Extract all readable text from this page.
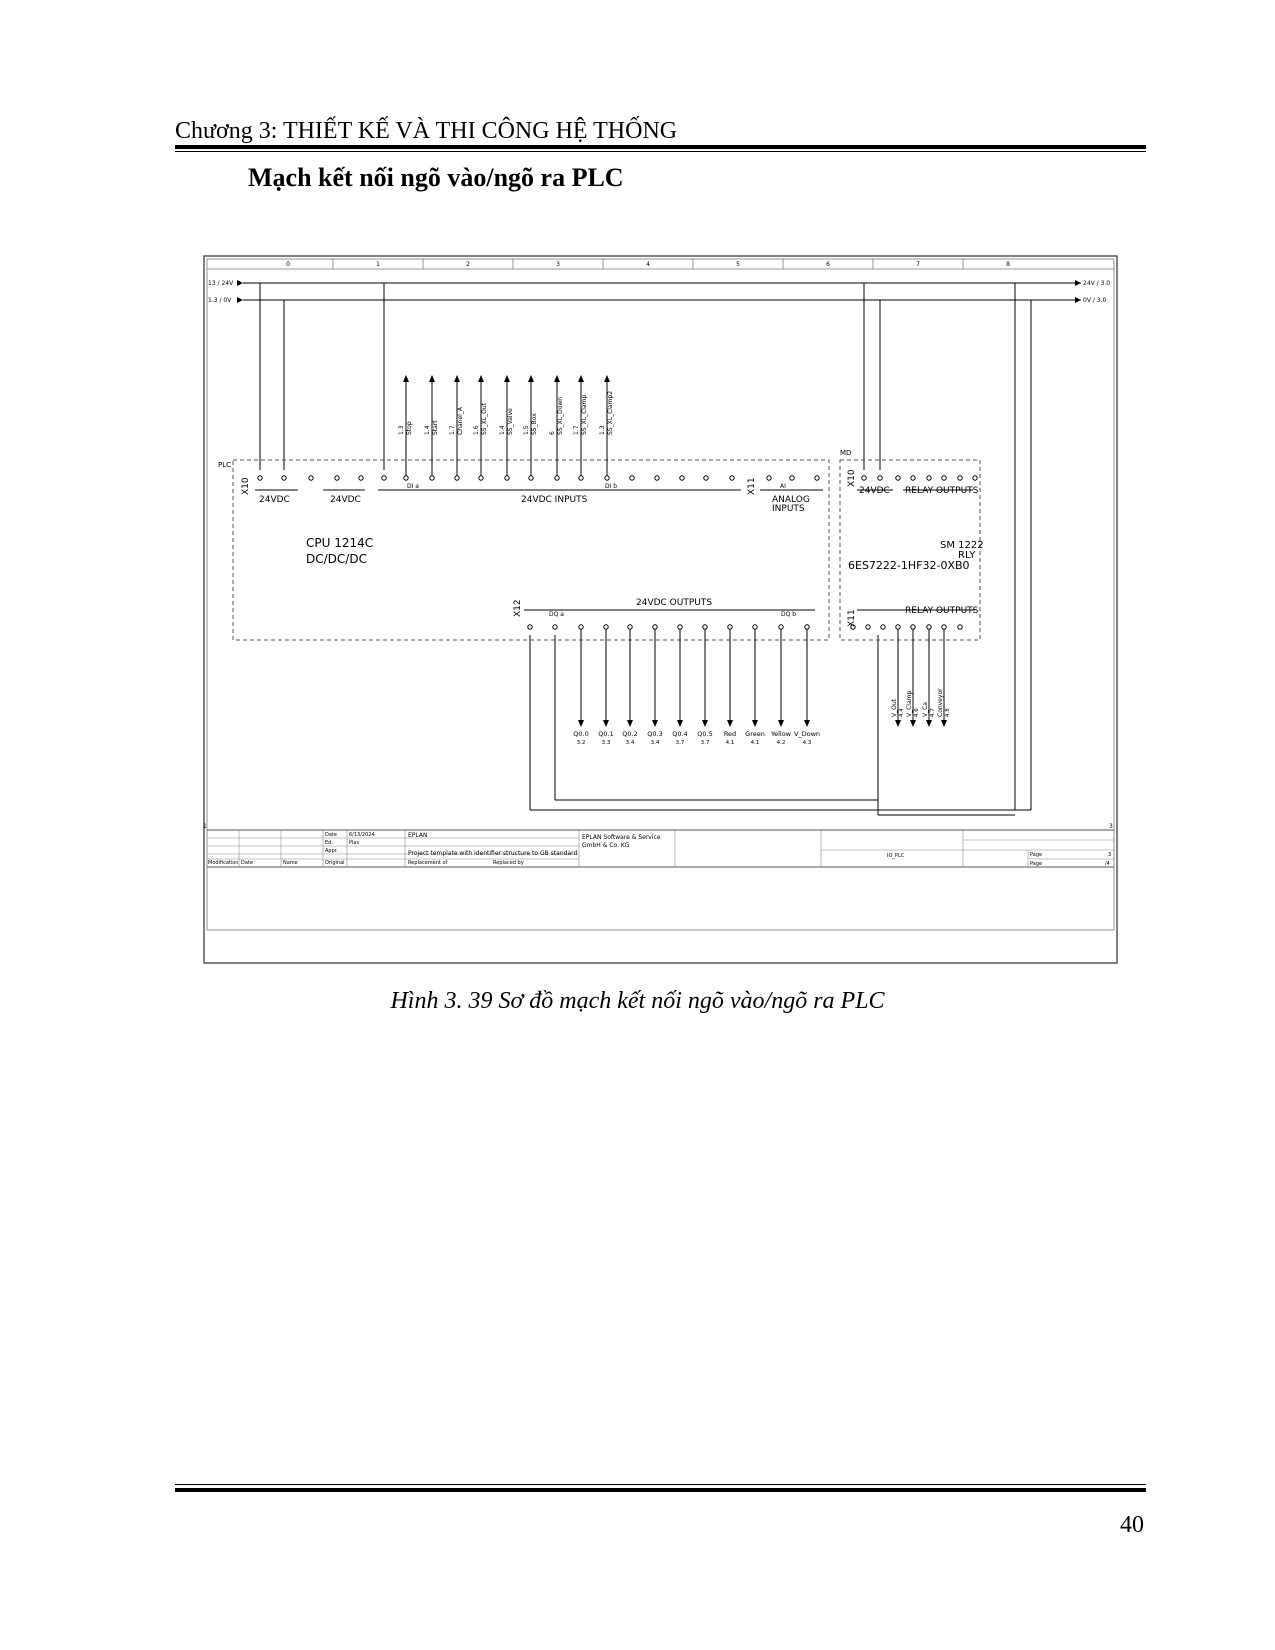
Chương 3: THIẾT KẾ VÀ THI CÔNG HỆ THỐNG
Mạch kết nối ngõ vào/ngõ ra PLC
0	1	2	3	4	5	6	7	8
13 / 24V
1.3 / 0V
24V / 3.0
0V / 3.0
PLC
MD
1.3 Stop 1.4 Start 1.7 Chanel_A 1.6 SS_XL_Out 1.4 SS_Valve 1.5 SS_Box 6 SS_XL_Down 1.7 SS_XL_Clamp 1.3 SS_XL_Clamp2
X10
24VDC	24VDC
DI a	DI b
24VDC INPUTS
X11	AI
ANALOG
INPUTS
CPU 1214C
DC/DC/DC
X10
24VDC RELAY OUTPUTS
SM 1222
RLY
6ES7222-1HF32-0XB0
X11	RELAY OUTPUTS
X12	24VDC OUTPUTS
DQ a	DQ b
Q0.0
3.2
Q0.1
3.3
Q0.2
3.4
Q0.3
3.4
Q0.4
3.7
Q0.5
3.7
Red
4.1
Green
4.1
Yellow
4.2
V_Down
4.3
V_Out 4.4 V_Clamp 4.6 V_Ca 4.7 Conveyor 4.8
1	3
Date 6/13/2024
Ed.	Plas
Appr.
Modification Date	Name	Original
EPLAN
Project template with identifier structure to GB standard
Replacement of	Replaced by
EPLAN Software & Service
GmbH & Co. KG
IO_PLC	Page	3
Page	/4
Hình 3. 39 Sơ đồ mạch kết nối ngõ vào/ngõ ra PLC
40
